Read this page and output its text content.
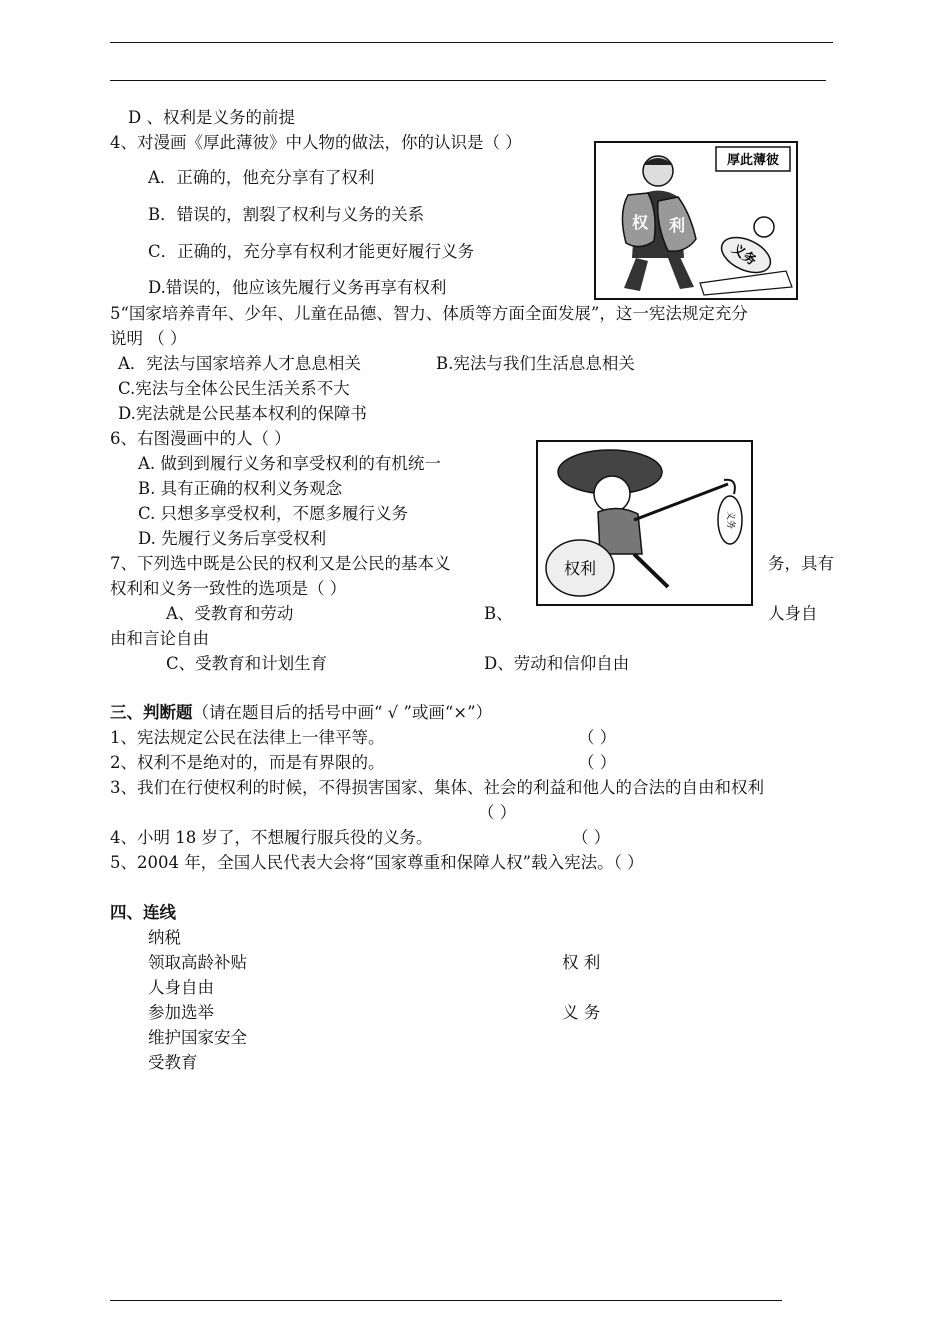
D 、权利是义务的前提
4、对漫画《厚此薄彼》中人物的做法，你的认识是（ ）
A．正确的，他充分享有了权利
B．错误的，割裂了权利与义务的关系
C．正确的，充分享有权利才能更好履行义务
D.错误的，他应该先履行义务再享有权利
厚此薄彼
权 利
义务
5“国家培养青年、少年、儿童在品德、智力、体质等方面全面发展”，这一宪法规定充分
说明 （ ）
A．宪法与国家培养人才息息相关	B.宪法与我们生活息息相关
C.宪法与全体公民生活关系不大
D.宪法就是公民基本权利的保障书
6、右图漫画中的人（ ）
A. 做到到履行义务和享受权利的有机统一
B. 具有正确的权利义务观念
C. 只想多享受权利，不愿多履行义务
D. 先履行义务后享受权利
义务
权利
7、下列选中既是公民的权利又是公民的基本义	务，具有
权利和义务一致性的选项是（ ）
A、受教育和劳动	B、	人身自
由和言论自由
C、受教育和计划生育	D、劳动和信仰自由
三、判断题（请在题目后的括号中画“ √ ”或画“×”）
1、宪法规定公民在法律上一律平等。	（ ）
2、权利不是绝对的，而是有界限的。	（ ）
3、我们在行使权利的时候，不得损害国家、集体、社会的利益和他人的合法的自由和权利
（ ）
4、小明 18 岁了，不想履行服兵役的义务。	（ ）
5、2004 年，全国人民代表大会将“国家尊重和保障人权”载入宪法。（ ）
四、连线
纳税
领取高龄补贴
人身自由
参加选举
维护国家安全
受教育
权 利
义 务
